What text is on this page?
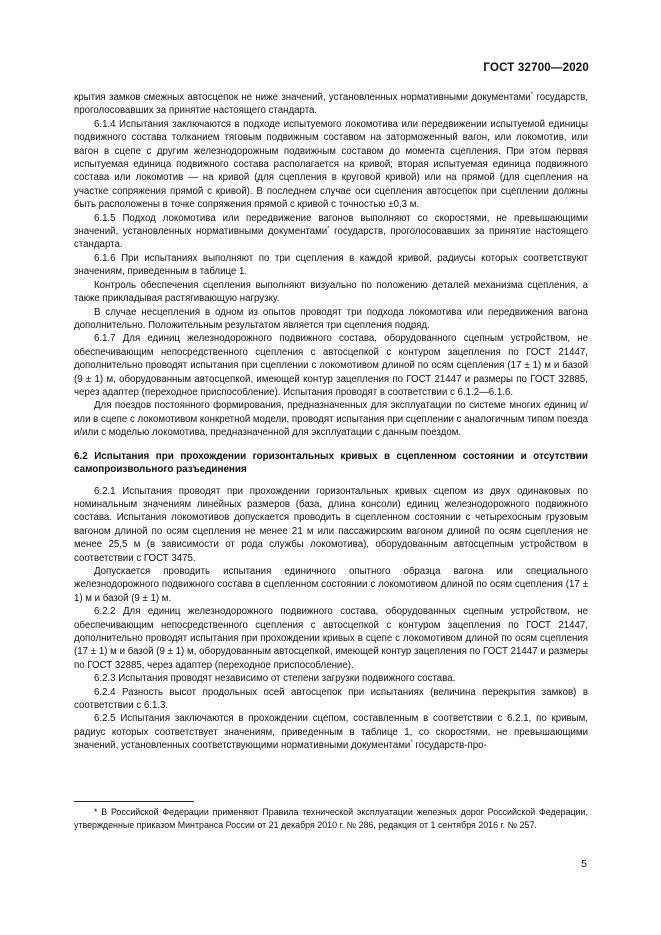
ГОСТ 32700—2020

крытия замков смежных автосцепок не ниже значений, установленных нормативными документами* государств, проголосовавших за принятие настоящего стандарта.

6.1.4 Испытания заключаются в подходе испытуемого локомотива или передвижении испытуемой единицы подвижного состава толканием тяговым подвижным составом на заторможенный вагон, или локомотив, или вагон в сцепе с другим железнодорожным подвижным составом до момента сцепления. При этом первая испытуемая единица подвижного состава располагается на кривой; вторая испытуемая единица подвижного состава или локомотив — на кривой (для сцепления в круговой кривой) или на прямой (для сцепления на участке сопряжения прямой с кривой). В последнем случае оси сцепления автосцепок при сцеплении должны быть расположены в точке сопряжения прямой с кривой с точностью ±0,3 м.

6.1.5 Подход локомотива или передвижение вагонов выполняют со скоростями, не превышающими значений, установленных нормативными документами* государств, проголосовавших за принятие настоящего стандарта.

6.1.6 При испытаниях выполняют по три сцепления в каждой кривой, радиусы которых соответствуют значениям, приведенным в таблице 1.

Контроль обеспечения сцепления выполняют визуально по положению деталей механизма сцепления, а также прикладывая растягивающую нагрузку.

В случае несцепления в одном из опытов проводят три подхода локомотива или передвижения вагона дополнительно. Положительным результатом является три сцепления подряд.

6.1.7 Для единиц железнодорожного подвижного состава, оборудованного сцепным устройством, не обеспечивающим непосредственного сцепления с автосцепкой с контуром зацепления по ГОСТ 21447, дополнительно проводят испытания при сцеплении с локомотивом длиной по осям сцепления (17 ± 1) м и базой (9 ± 1) м, оборудованным автосцепкой, имеющей контур зацепления по ГОСТ 21447 и размеры по ГОСТ 32885, через адаптер (переходное приспособление). Испытания проводят в соответствии с 6.1.2—6.1.6.

Для поездов постоянного формирования, предназначенных для эксплуатации по системе многих единиц и/или в сцепе с локомотивом конкретной модели, проводят испытания при сцеплении с аналогичным типом поезда и/или с моделью локомотива, предназначенной для эксплуатации с данным поездом.

6.2 Испытания при прохождении горизонтальных кривых в сцепленном состоянии и отсутствии самопроизвольного разъединения

6.2.1 Испытания проводят при прохождении горизонтальных кривых сцепом из двух одинаковых по номинальным значениям линейных размеров (база, длина консоли) единиц железнодорожного подвижного состава. Испытания локомотивов допускается проводить в сцепленном состоянии с четырехосным грузовым вагоном длиной по осям сцепления не менее 21 м или пассажирским вагоном длиной по осям сцепления не менее 25,5 м (в зависимости от рода службы локомотива), оборудованным автосцепным устройством в соответствии с ГОСТ 3475.

Допускается проводить испытания единичного опытного образца вагона или специального железнодорожного подвижного состава в сцепленном состоянии с локомотивом длиной по осям сцепления (17 ± 1) м и базой (9 ± 1) м.

6.2.2 Для единиц железнодорожного подвижного состава, оборудованных сцепным устройством, не обеспечивающим непосредственного сцепления с автосцепкой с контуром зацепления по ГОСТ 21447, дополнительно проводят испытания при прохождении кривых в сцепе с локомотивом длиной по осям сцепления (17 ± 1) м и базой (9 ± 1) м, оборудованным автосцепкой, имеющей контур зацепления по ГОСТ 21447 и размеры по ГОСТ 32885, через адаптер (переходное приспособление).

6.2.3 Испытания проводят независимо от степени загрузки подвижного состава.

6.2.4 Разность высот продольных осей автосцепок при испытаниях (величина перекрытия замков) в соответствии с 6.1.3.

6.2.5 Испытания заключаются в прохождении сцепом, составленным в соответствии с 6.2.1, по кривым, радиус которых соответствует значениям, приведенным в таблице 1, со скоростями, не превышающими значений, установленных соответствующими нормативными документами* государств-про-

* В Российской Федерации применяют Правила технической эксплуатации железных дорог Российской Федерации, утвержденные приказом Минтранса России от 21 декабря 2010 г. № 286, редакция от 1 сентября 2016 г. № 257.
5
